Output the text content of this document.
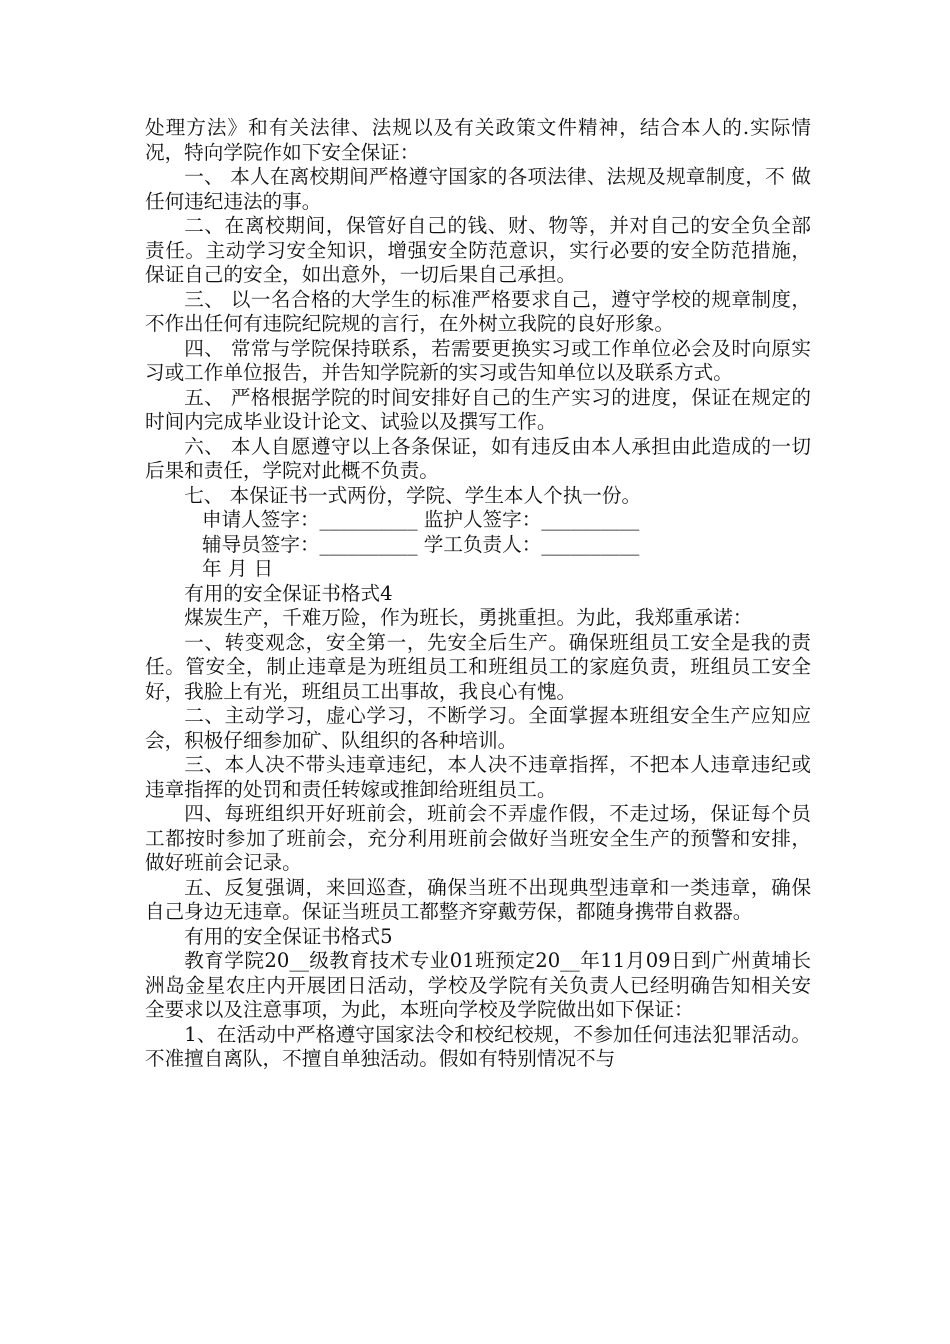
处理方法》和有关法律、法规以及有关政策文件精神，结合本人的.实际情况，特向学院作如下安全保证：

一、 本人在离校期间严格遵守国家的各项法律、法规及规章制度，不 做任何违纪违法的事。

二、在离校期间，保管好自己的钱、财、物等，并对自己的安全负全部责任。主动学习安全知识，增强安全防范意识，实行必要的安全防范措施，保证自己的安全，如出意外，一切后果自己承担。

三、 以一名合格的大学生的标准严格要求自己，遵守学校的规章制度，不作出任何有违院纪院规的言行，在外树立我院的良好形象。

四、 常常与学院保持联系，若需要更换实习或工作单位必会及时向原实习或工作单位报告，并告知学院新的实习或告知单位以及联系方式。

五、 严格根据学院的时间安排好自己的生产实习的进度，保证在规定的时间内完成毕业设计论文、试验以及撰写工作。

六、 本人自愿遵守以上各条保证，如有违反由本人承担由此造成的一切后果和责任，学院对此概不负责。

七、 本保证书一式两份，学院、学生本人个执一份。

申请人签字：__________ 监护人签字：__________
辅导员签字：__________ 学工负责人：__________
年 月 日

有用的安全保证书格式4

煤炭生产，千难万险，作为班长，勇挑重担。为此，我郑重承诺：

一、转变观念，安全第一，先安全后生产。确保班组员工安全是我的责任。管安全，制止违章是为班组员工和班组员工的家庭负责，班组员工安全好，我脸上有光，班组员工出事故，我良心有愧。

二、主动学习，虚心学习，不断学习。全面掌握本班组安全生产应知应会，积极仔细参加矿、队组织的各种培训。

三、本人决不带头违章违纪，本人决不违章指挥，不把本人违章违纪或违章指挥的处罚和责任转嫁或推卸给班组员工。

四、每班组织开好班前会，班前会不弄虚作假，不走过场，保证每个员工都按时参加了班前会，充分利用班前会做好当班安全生产的预警和安排，做好班前会记录。

五、反复强调，来回巡查，确保当班不出现典型违章和一类违章，确保自己身边无违章。保证当班员工都整齐穿戴劳保，都随身携带自救器。

有用的安全保证书格式5

教育学院20__级教育技术专业01班预定20__年11月09日到广州黄埔长洲岛金星农庄内开展团日活动，学校及学院有关负责人已经明确告知相关安全要求以及注意事项，为此，本班向学校及学院做出如下保证：

1、在活动中严格遵守国家法令和校纪校规，不参加任何违法犯罪活动。不准擅自离队，不擅自单独活动。假如有特别情况不与
